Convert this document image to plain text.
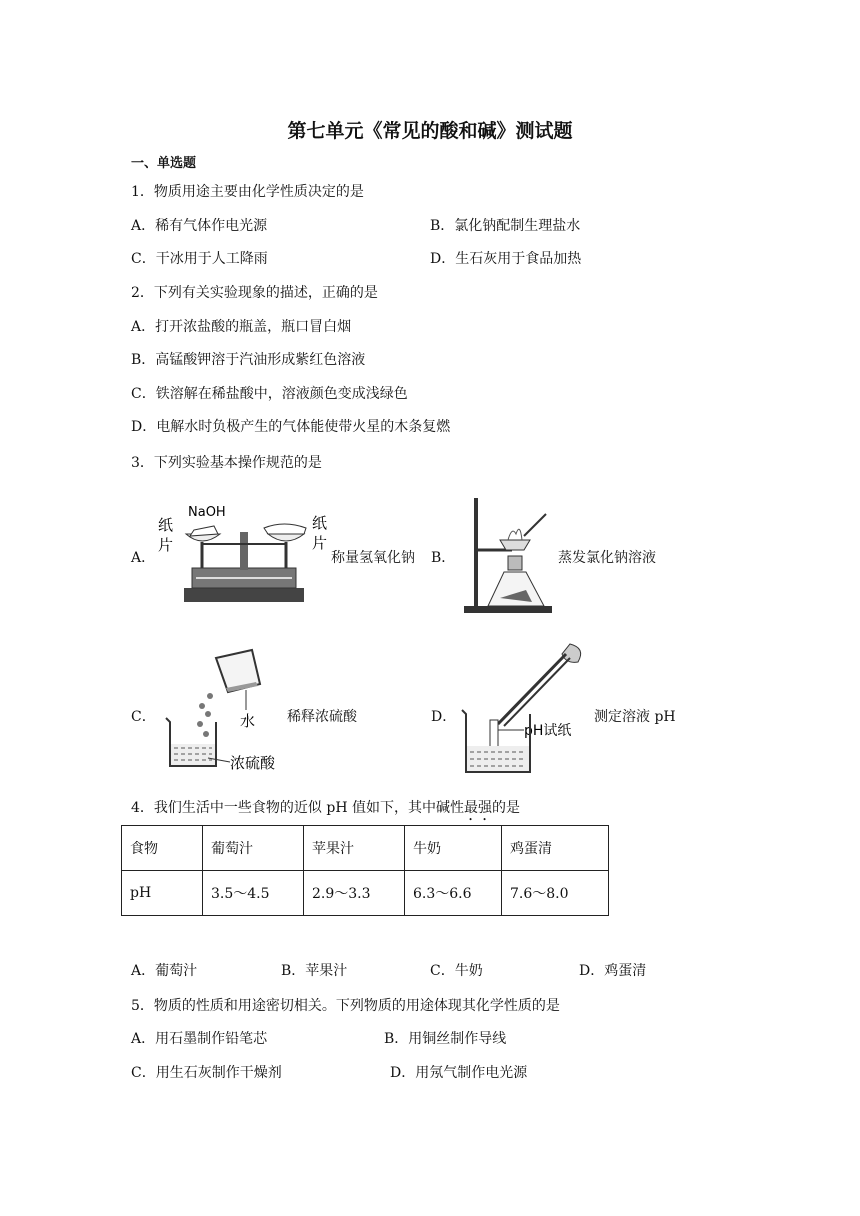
第七单元《常见的酸和碱》测试题
一、单选题
1．物质用途主要由化学性质决定的是
A．稀有气体作电光源	B．氯化钠配制生理盐水
C．干冰用于人工降雨	D．生石灰用于食品加热
2．下列有关实验现象的描述，正确的是
A．打开浓盐酸的瓶盖，瓶口冒白烟
B．高锰酸钾溶于汽油形成紫红色溶液
C．铁溶解在稀盐酸中，溶液颜色变成浅绿色
D．电解水时负极产生的气体能使带火星的木条复燃
3．下列实验基本操作规范的是
A．
NaOH
纸
片
纸
片
称量氢氧化钠 B．	蒸发氯化钠溶液
C．	水
浓硫酸
稀释浓硫酸	D．
pH试纸
测定溶液 pH
4．我们生活中一些食物的近似 pH 值如下，其中碱性最强的是
食物	葡萄汁	苹果汁	牛奶	鸡蛋清
pH	3.5～4.5	2.9～3.3	6.3～6.6	7.6～8.0
A．葡萄汁	B．苹果汁	C．牛奶	D．鸡蛋清
5．物质的性质和用途密切相关。下列物质的用途体现其化学性质的是
A．用石墨制作铅笔芯	B．用铜丝制作导线
C．用生石灰制作干燥剂	D．用氖气制作电光源
